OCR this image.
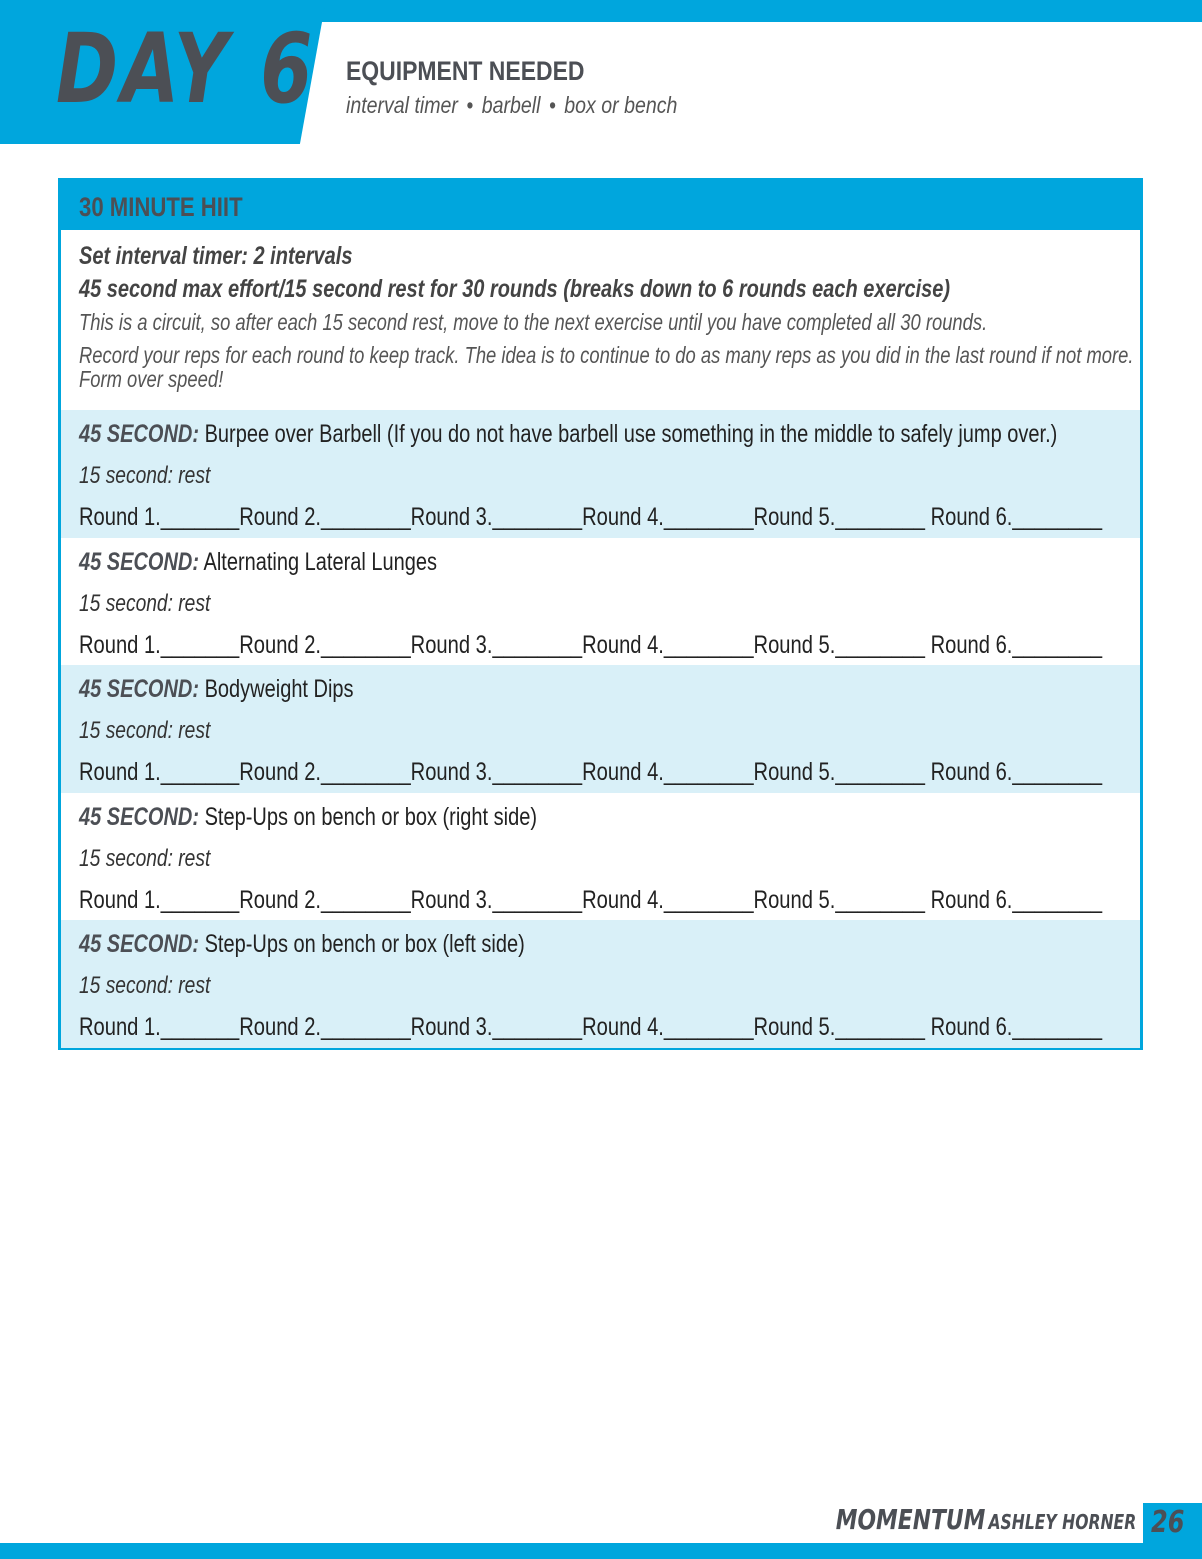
DAY 6 EQUIPMENT NEEDED
interval timer • barbell • box or bench
30 MINUTE HIIT
Set interval timer: 2 intervals
45 second max effort/15 second rest for 30 rounds (breaks down to 6 rounds each exercise)
This is a circuit, so after each 15 second rest, move to the next exercise until you have completed all 30 rounds.
Record your reps for each round to keep track. The idea is to continue to do as many reps as you did in the last round if not more.
Form over speed!
45 SECOND: Burpee over Barbell (If you do not have barbell use something in the middle to safely jump over.)
15 second: rest
Round 1._______Round 2.________Round 3.________Round 4.________Round 5.________ Round 6.________
45 SECOND: Alternating Lateral Lunges
15 second: rest
Round 1._______Round 2.________Round 3.________Round 4.________Round 5.________ Round 6.________
45 SECOND: Bodyweight Dips
15 second: rest
Round 1._______Round 2.________Round 3.________Round 4.________Round 5.________ Round 6.________
45 SECOND: Step-Ups on bench or box (right side)
15 second: rest
Round 1._______Round 2.________Round 3.________Round 4.________Round 5.________ Round 6.________
45 SECOND: Step-Ups on bench or box (left side)
15 second: rest
Round 1._______Round 2.________Round 3.________Round 4.________Round 5.________ Round 6.________
MOMENTUM ASHLEY HORNER 26
